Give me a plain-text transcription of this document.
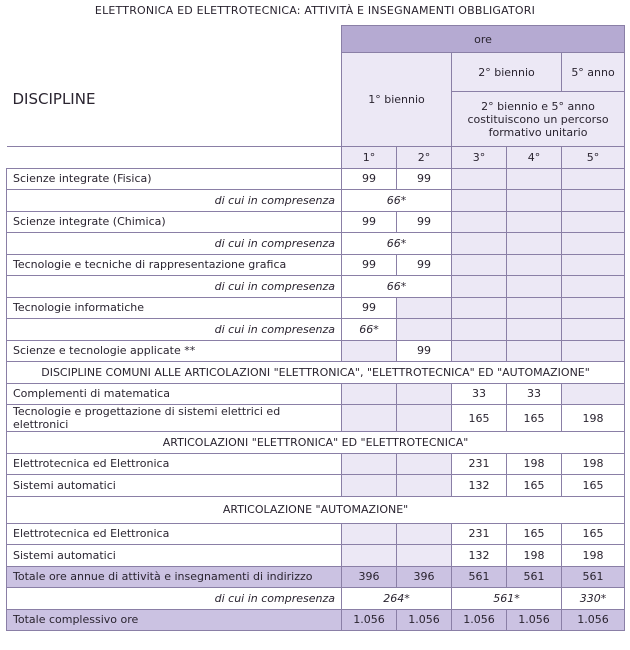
ELETTRONICA ED ELETTROTECNICA: ATTIVITÀ E INSEGNAMENTI OBBLIGATORI
	ore				
DISCIPLINE	1° biennio		2° biennio		5° anno
			2° biennio e 5° anno costituiscono un percorso formativo unitario		
	1°	2°	3°	4°	5°
Scienze integrate (Fisica)	99	99			
di cui in compresenza	66*				
Scienze integrate (Chimica)	99	99			
di cui in compresenza	66*				
Tecnologie e tecniche di rappresentazione grafica	99	99			
di cui in compresenza	66*				
Tecnologie informatiche	99				
di cui in compresenza	66*				
Scienze e tecnologie applicate **		99			
DISCIPLINE COMUNI ALLE ARTICOLAZIONI "ELETTRONICA", "ELETTROTECNICA" ED "AUTOMAZIONE"					
Complementi di matematica			33	33	
Tecnologie e progettazione di sistemi elettrici ed elettronici			165	165	198
ARTICOLAZIONI "ELETTRONICA" ED "ELETTROTECNICA"					
Elettrotecnica ed Elettronica			231	198	198
Sistemi automatici			132	165	165
ARTICOLAZIONE "AUTOMAZIONE"					
Elettrotecnica ed Elettronica			231	165	165
Sistemi automatici			132	198	198
Totale ore annue di attività e insegnamenti di indirizzo	396	396	561	561	561
di cui in compresenza	264*		561*		330*
Totale complessivo ore	1.056	1.056	1.056	1.056	1.056
